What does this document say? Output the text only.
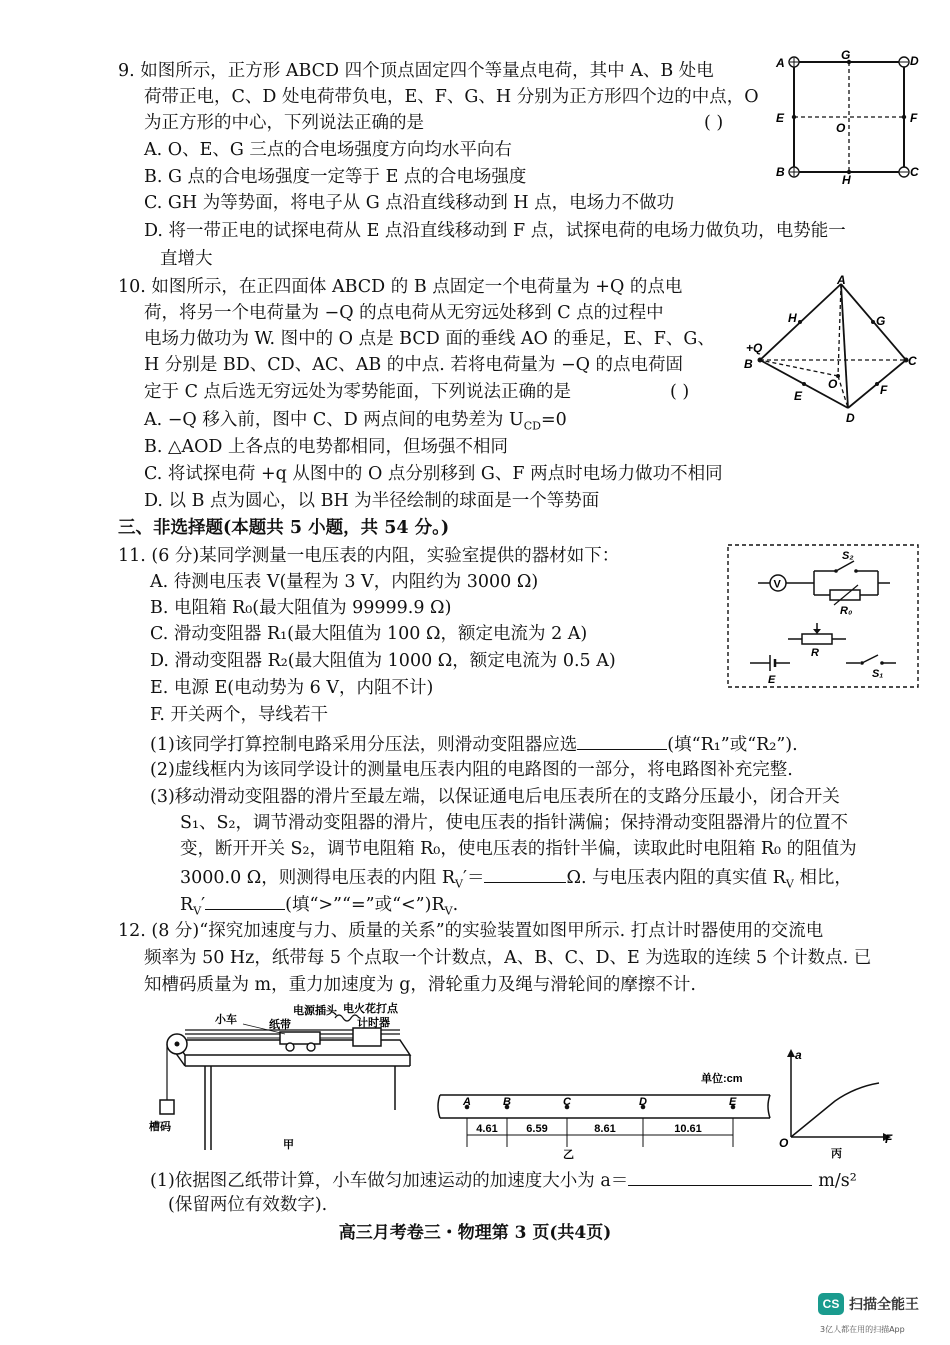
9. 如图所示，正方形 ABCD 四个顶点固定四个等量点电荷，其中 A、B 处电
荷带正电，C、D 处电荷带负电，E、F、G、H 分别为正方形四个边的中点，O
为正方形的中心，下列说法正确的是	( )
A. O、E、G 三点的合电场强度方向均水平向右
B. G 点的合电场强度一定等于 E 点的合电场强度
C. GH 为等势面，将电子从 G 点沿直线移动到 H 点，电场力不做功
D. 将一带正电的试探电荷从 E 点沿直线移动到 F 点，试探电荷的电场力做负功，电势能一
直增大
A
G	D
E
O
F
B
H
C
10. 如图所示，在正四面体 ABCD 的 B 点固定一个电荷量为 +Q 的点电
荷，将另一个电荷量为 −Q 的点电荷从无穷远处移到 C 点的过程中
电场力做功为 W. 图中的 O 点是 BCD 面的垂线 AO 的垂足，E、F、G、
H 分别是 BD、CD、AC、AB 的中点. 若将电荷量为 −Q 的点电荷固
定于 C 点后选无穷远处为零势能面，下列说法正确的是	( )
A. −Q 移入前，图中 C、D 两点间的电势差为 $U_{CD}=0$
B. △AOD 上各点的电势都相同，但场强不相同
C. 将试探电荷 +q 从图中的 O 点分别移到 G、F 两点时电场力做功不相同
D. 以 B 点为圆心，以 BH 为半径绘制的球面是一个等势面
A
H	G
+Q
B	C
O
E	F
D
三、非选择题(本题共 5 小题，共 54 分。)
11. (6 分)某同学测量一电压表的内阻，实验室提供的器材如下：
A. 待测电压表 V(量程为 3 V，内阻约为 3000 Ω)
B. 电阻箱 R₀(最大阻值为 99999.9 Ω)
C. 滑动变阻器 R₁(最大阻值为 100 Ω，额定电流为 2 A)
D. 滑动变阻器 R₂(最大阻值为 1000 Ω，额定电流为 0.5 A)
E. 电源 E(电动势为 6 V，内阻不计)
F. 开关两个，导线若干
(1)该同学打算控制电路采用分压法，则滑动变阻器应选	(填“R₁”或“R₂”).
(2)虚线框内为该同学设计的测量电压表内阻的电路图的一部分，将电路图补充完整.
(3)移动滑动变阻器的滑片至最左端，以保证通电后电压表所在的支路分压最小，闭合开关
S₁、S₂，调节滑动变阻器的滑片，使电压表的指针满偏；保持滑动变阻器滑片的位置不
变，断开开关 S₂，调节电阻箱 R₀，使电压表的指针半偏，读取此时电阻箱 R₀ 的阻值为
3000.0 Ω，则测得电压表的内阻 $R_V'=$	Ω. 与电压表内阻的真实值 $R_V$ 相比，
$R_V'$	(填“>”“=”或“$<”)R_V$.
V
S₂
R₀
R
E	S₁
12. (8 分)“探究加速度与力、质量的关系”的实验装置如图甲所示. 打点计时器使用的交流电
频率为 50 Hz，纸带每 5 个点取一个计数点，A、B、C、D、E 为选取的连续 5 个计数点. 已
知槽码质量为 m，重力加速度为 g，滑轮重力及绳与滑轮间的摩擦不计.
槽码
小车	纸带
电源插头 电火花打点
计时器
甲
单位:cm
A	B	C	D	E
4.61	6.59	8.61	10.61
乙
a
F
O
丙
(1)依据图乙纸带计算，小车做匀加速运动的加速度大小为 a＝	m/s²
(保留两位有效数字).
高三月考卷三・物理第 3 页(共4页)
CS 扫描全能王
3亿人都在用的扫描App
